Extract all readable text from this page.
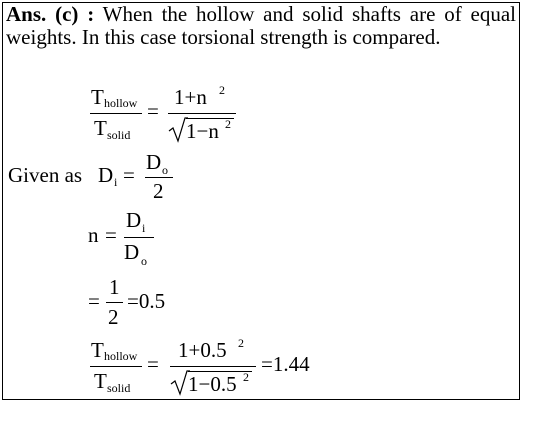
Ans. (c) : When the hollow and solid shafts are of equal weights. In this case torsional strength is compared.

T hollow
T solid
=
1+n 2
1−n 2
Given as D i =
D o
2
n =
D i
D o
=
1
2
=0.5
T hollow
T solid
=
1+0.5 2
1−0.5 2
=1.44
